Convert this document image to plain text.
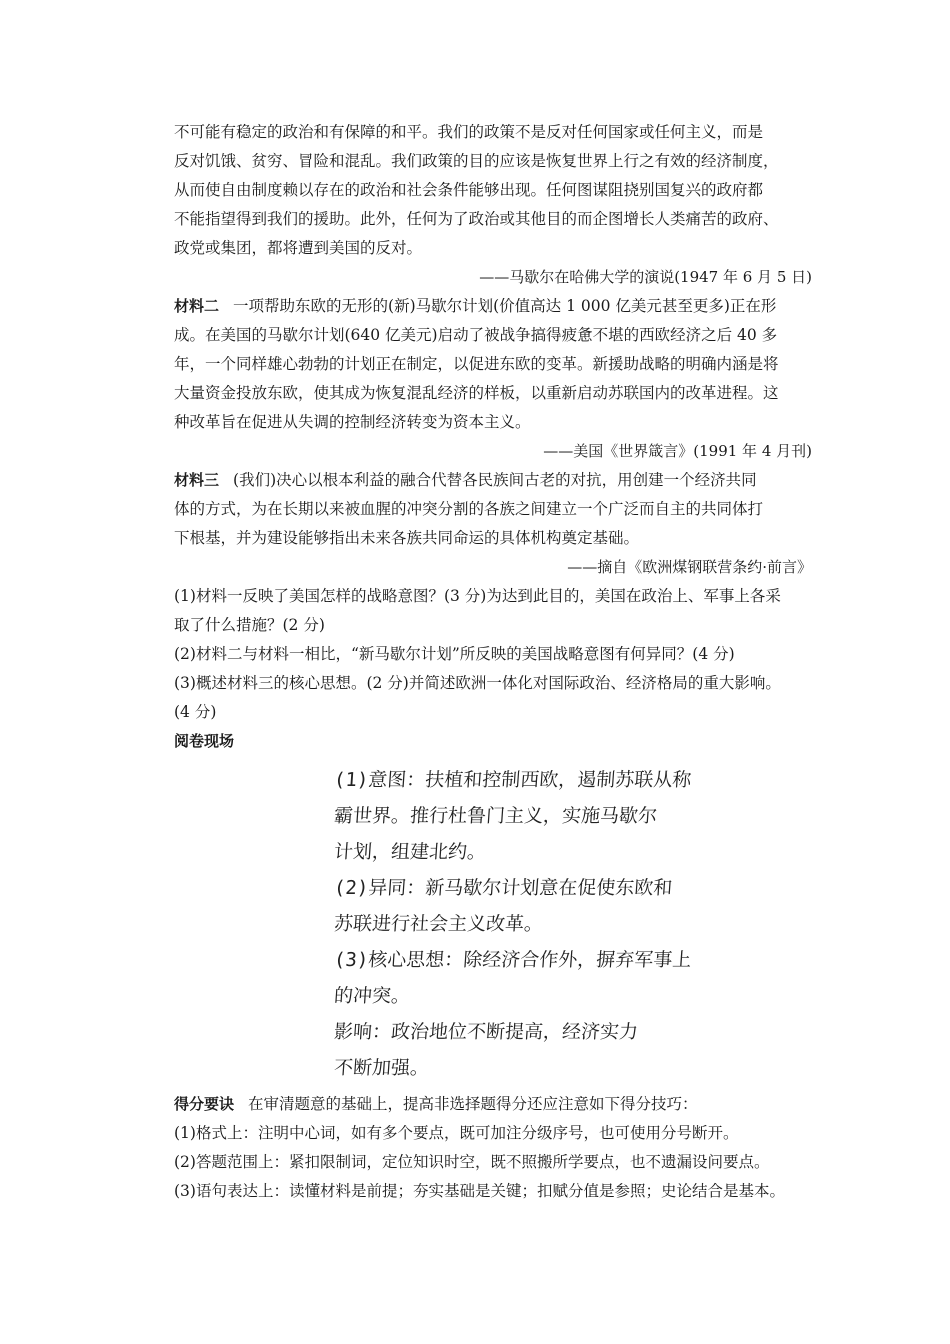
不可能有稳定的政治和有保障的和平。我们的政策不是反对任何国家或任何主义，而是

反对饥饿、贫穷、冒险和混乱。我们政策的目的应该是恢复世界上行之有效的经济制度，

从而使自由制度赖以存在的政治和社会条件能够出现。任何图谋阻挠别国复兴的政府都

不能指望得到我们的援助。此外，任何为了政治或其他目的而企图增长人类痛苦的政府、

政党或集团，都将遭到美国的反对。

——马歇尔在哈佛大学的演说(1947 年 6 月 5 日)

材料二 一项帮助东欧的无形的(新)马歇尔计划(价值高达 1 000 亿美元甚至更多)正在形

成。在美国的马歇尔计划(640 亿美元)启动了被战争搞得疲惫不堪的西欧经济之后 40 多

年，一个同样雄心勃勃的计划正在制定，以促进东欧的变革。新援助战略的明确内涵是将

大量资金投放东欧，使其成为恢复混乱经济的样板，以重新启动苏联国内的改革进程。这

种改革旨在促进从失调的控制经济转变为资本主义。

——美国《世界箴言》(1991 年 4 月刊)

材料三 (我们)决心以根本利益的融合代替各民族间古老的对抗，用创建一个经济共同

体的方式，为在长期以来被血腥的冲突分割的各族之间建立一个广泛而自主的共同体打

下根基，并为建设能够指出未来各族共同命运的具体机构奠定基础。

——摘自《欧洲煤钢联营条约·前言》

(1)材料一反映了美国怎样的战略意图？(3 分)为达到此目的，美国在政治上、军事上各采

取了什么措施？(2 分)

(2)材料二与材料一相比，“新马歇尔计划”所反映的美国战略意图有何异同？(4 分)

(3)概述材料三的核心思想。(2 分)并简述欧洲一体化对国际政治、经济格局的重大影响。

(4 分)

阅卷现场

(1)意图：扶植和控制西欧，遏制苏联从称
霸世界。推行杜鲁门主义，实施马歇尔
计划，组建北约。
(2)异同：新马歇尔计划意在促使东欧和
苏联进行社会主义改革。
(3)核心思想：除经济合作外，摒弃军事上
的冲突。
影响：政治地位不断提高，经济实力
不断加强。

得分要诀 在审清题意的基础上，提高非选择题得分还应注意如下得分技巧：

(1)格式上：注明中心词，如有多个要点，既可加注分级序号，也可使用分号断开。

(2)答题范围上：紧扣限制词，定位知识时空，既不照搬所学要点，也不遗漏设问要点。

(3)语句表达上：读懂材料是前提；夯实基础是关键；扣赋分值是参照；史论结合是基本。
